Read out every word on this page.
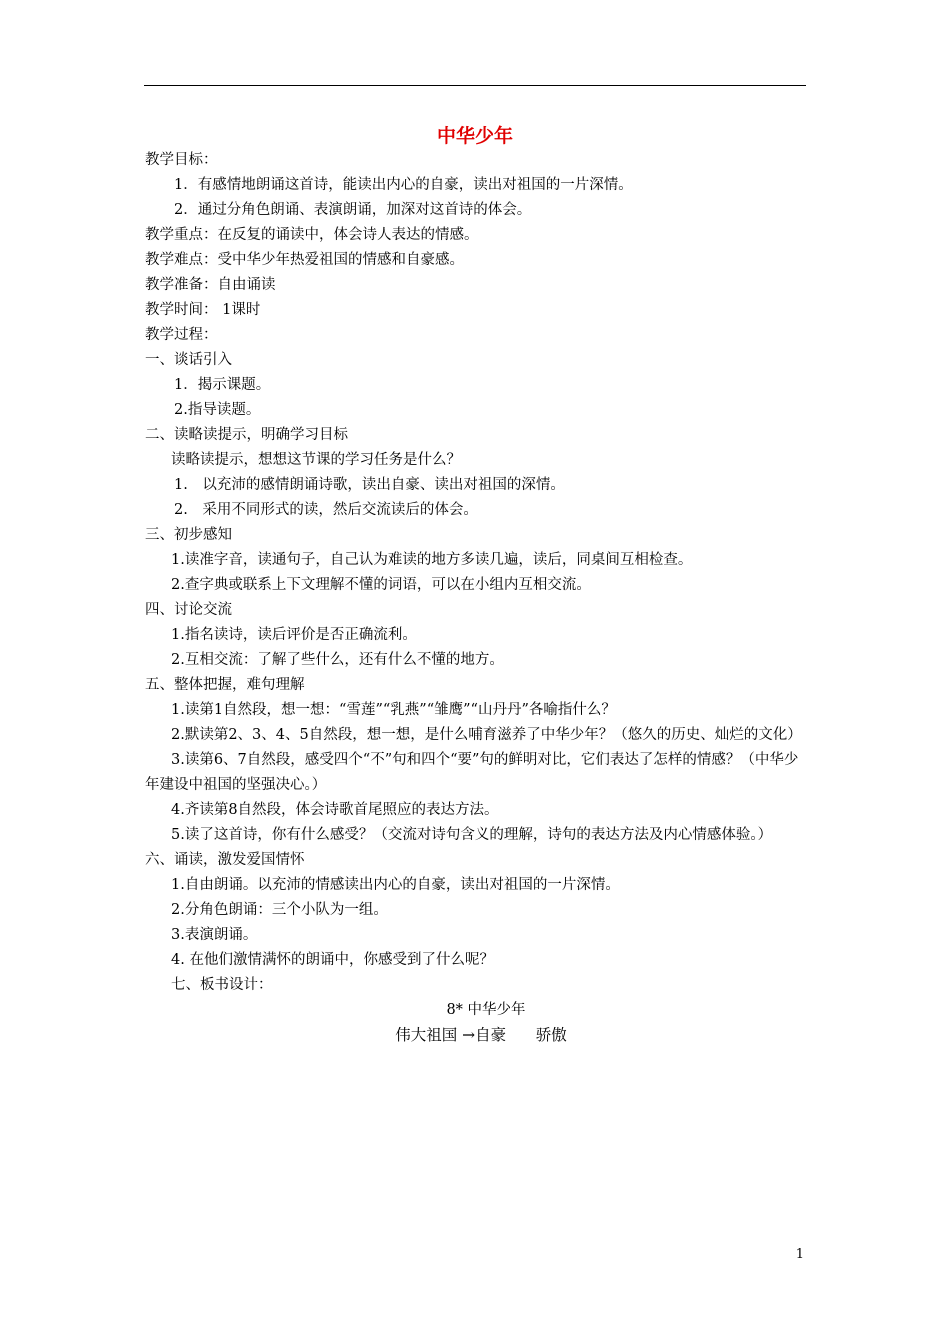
中华少年

教学目标：

1．有感情地朗诵这首诗，能读出内心的自豪，读出对祖国的一片深情。

2．通过分角色朗诵、表演朗诵，加深对这首诗的体会。

教学重点：在反复的诵读中，体会诗人表达的情感。

教学难点：受中华少年热爱祖国的情感和自豪感。

教学准备：自由诵读

教学时间： 1课时

教学过程：

一、谈话引入

1．揭示课题。

2.指导读题。

二、读略读提示，明确学习目标

读略读提示，想想这节课的学习任务是什么？

1.　以充沛的感情朗诵诗歌，读出自豪、读出对祖国的深情。

2.　采用不同形式的读，然后交流读后的体会。

三、初步感知

1.读准字音，读通句子，自己认为难读的地方多读几遍，读后，同桌间互相检查。

2.查字典或联系上下文理解不懂的词语，可以在小组内互相交流。

四、讨论交流

1.指名读诗，读后评价是否正确流利。

2.互相交流：了解了些什么，还有什么不懂的地方。

五、整体把握，难句理解

1.读第1自然段，想一想：“雪莲”“乳燕”“雏鹰”“山丹丹”各喻指什么？

2.默读第2、3、4、5自然段，想一想，是什么哺育滋养了中华少年？（悠久的历史、灿烂的文化）

3.读第6、7自然段，感受四个“不”句和四个“要”句的鲜明对比，它们表达了怎样的情感？（中华少年建设中祖国的坚强决心。）

4.齐读第8自然段，体会诗歌首尾照应的表达方法。

5.读了这首诗，你有什么感受？（交流对诗句含义的理解，诗句的表达方法及内心情感体验。）

六、诵读，激发爱国情怀

1.自由朗诵。以充沛的情感读出内心的自豪，读出对祖国的一片深情。

2.分角色朗诵：三个小队为一组。

3.表演朗诵。

4. 在他们激情满怀的朗诵中，你感受到了什么呢？

七、板书设计：

8* 中华少年

伟大祖国 →自豪      骄傲

1
